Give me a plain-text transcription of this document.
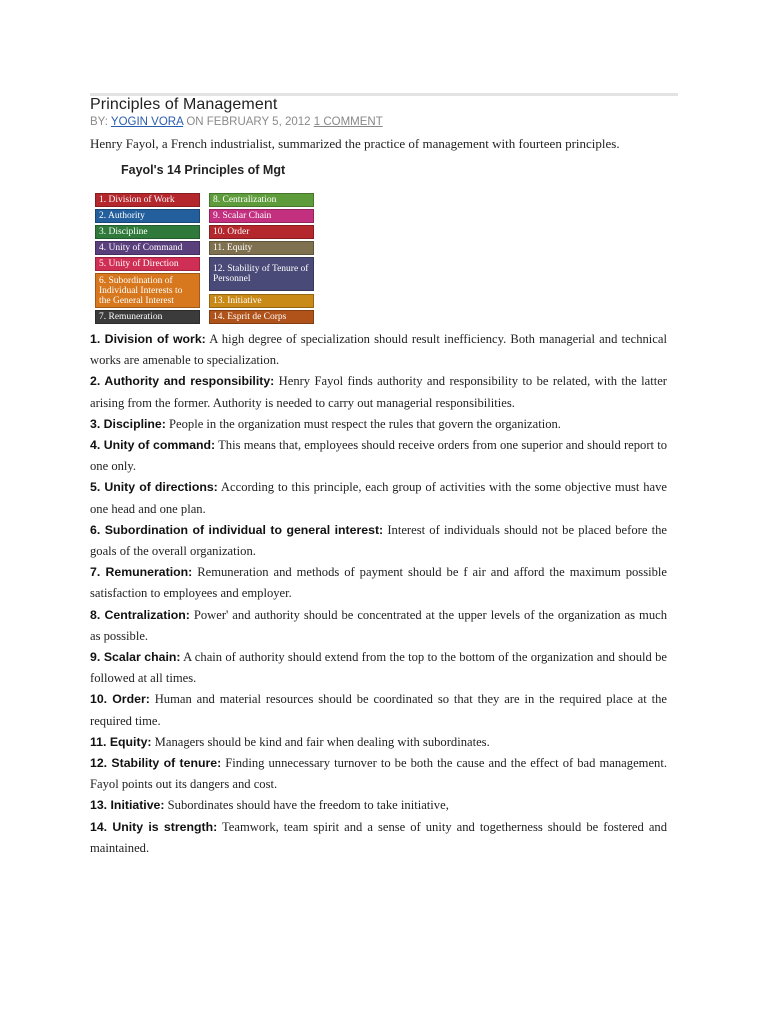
Principles of Management
BY: YOGIN VORA ON FEBRUARY 5, 2012 1 COMMENT
Henry Fayol, a French industrialist, summarized the practice of management with fourteen principles.
Fayol's 14 Principles of Mgt
1. Division of Work
2. Authority
3. Discipline
4. Unity of Command
5. Unity of Direction
6. Subordination of Individual Interests to the General Interest
7. Remuneration
8. Centralization
9. Scalar Chain
10. Order
11. Equity
12. Stability of Tenure of Personnel
13. Initiative
14. Esprit de Corps

1. Division of work: A high degree of specialization should result inefficiency. Both managerial and technical works are amenable to specialization.

2. Authority and responsibility: Henry Fayol finds authority and responsibility to be related, with the latter arising from the former. Authority is needed to carry out managerial responsibilities.

3. Discipline: People in the organization must respect the rules that govern the organization.

4. Unity of command: This means that, employees should receive orders from one superior and should report to one only.

5. Unity of directions: According to this principle, each group of activities with the some objective must have one head and one plan.

6. Subordination of individual to general interest: Interest of individuals should not be placed before the goals of the overall organization.

7. Remuneration: Remuneration and methods of payment should be f air and afford the maximum possible satisfaction to employees and employer.

8. Centralization: Power' and authority should be concentrated at the upper levels of the organization as much as possible.

9. Scalar chain: A chain of authority should extend from the top to the bottom of the organization and should be followed at all times.

10. Order: Human and material resources should be coordinated so that they are in the required place at the required time.

11. Equity: Managers should be kind and fair when dealing with subordinates.

12. Stability of tenure: Finding unnecessary turnover to be both the cause and the effect of bad management. Fayol points out its dangers and cost.

13. Initiative: Subordinates should have the freedom to take initiative,

14. Unity is strength: Teamwork, team spirit and a sense of unity and togetherness should be fostered and maintained.
